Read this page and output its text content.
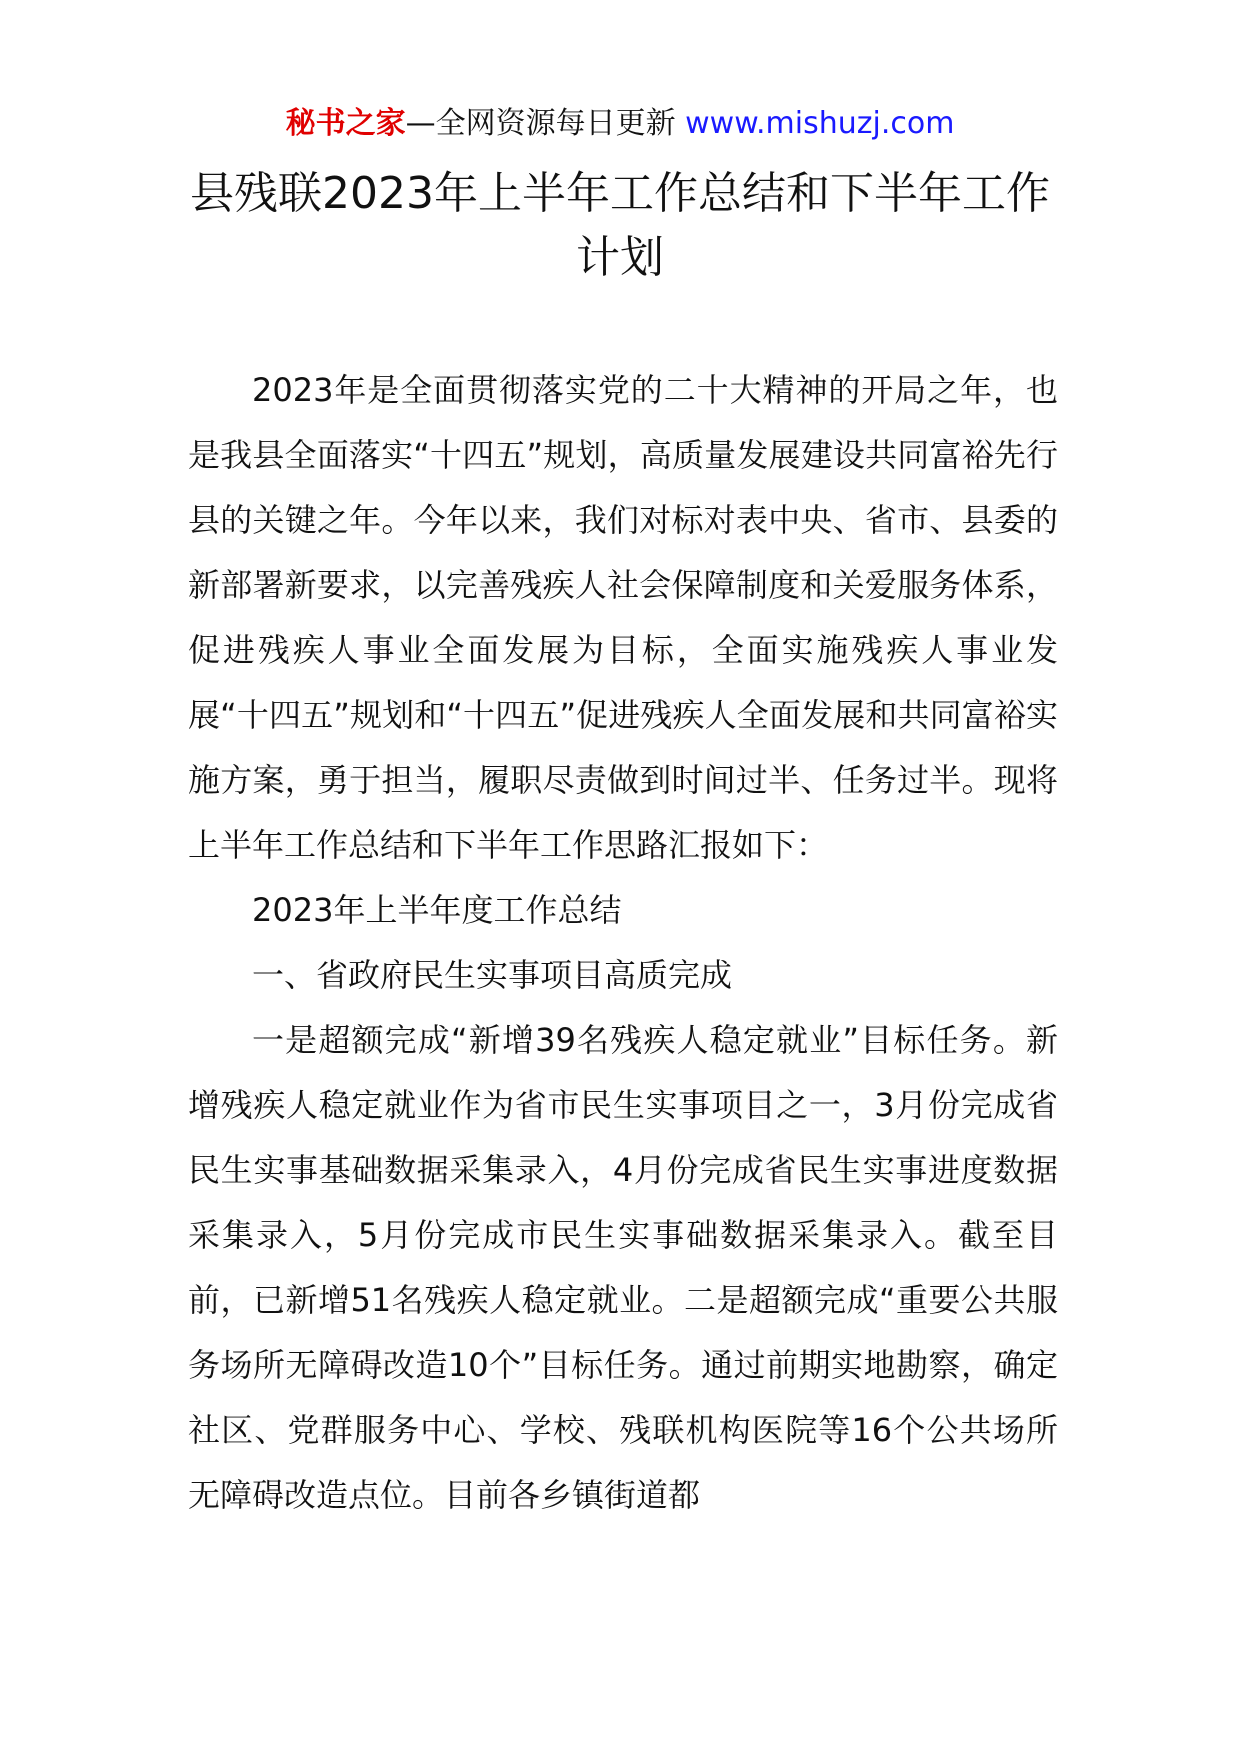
秘书之家—全网资源每日更新 www.mishuzj.com
县残联2023年上半年工作总结和下半年工作计划

2023年是全面贯彻落实党的二十大精神的开局之年，也是我县全面落实“十四五”规划，高质量发展建设共同富裕先行县的关键之年。今年以来，我们对标对表中央、省市、县委的新部署新要求，以完善残疾人社会保障制度和关爱服务体系，促进残疾人事业全面发展为目标，全面实施残疾人事业发展“十四五”规划和“十四五”促进残疾人全面发展和共同富裕实施方案，勇于担当，履职尽责做到时间过半、任务过半。现将上半年工作总结和下半年工作思路汇报如下：

2023年上半年度工作总结

一、省政府民生实事项目高质完成

一是超额完成“新增39名残疾人稳定就业”目标任务。新增残疾人稳定就业作为省市民生实事项目之一，3月份完成省民生实事基础数据采集录入，4月份完成省民生实事进度数据采集录入，5月份完成市民生实事础数据采集录入。截至目前，已新增51名残疾人稳定就业。二是超额完成“重要公共服务场所无障碍改造10个”目标任务。通过前期实地勘察，确定社区、党群服务中心、学校、残联机构医院等16个公共场所无障碍改造点位。目前各乡镇街道都
